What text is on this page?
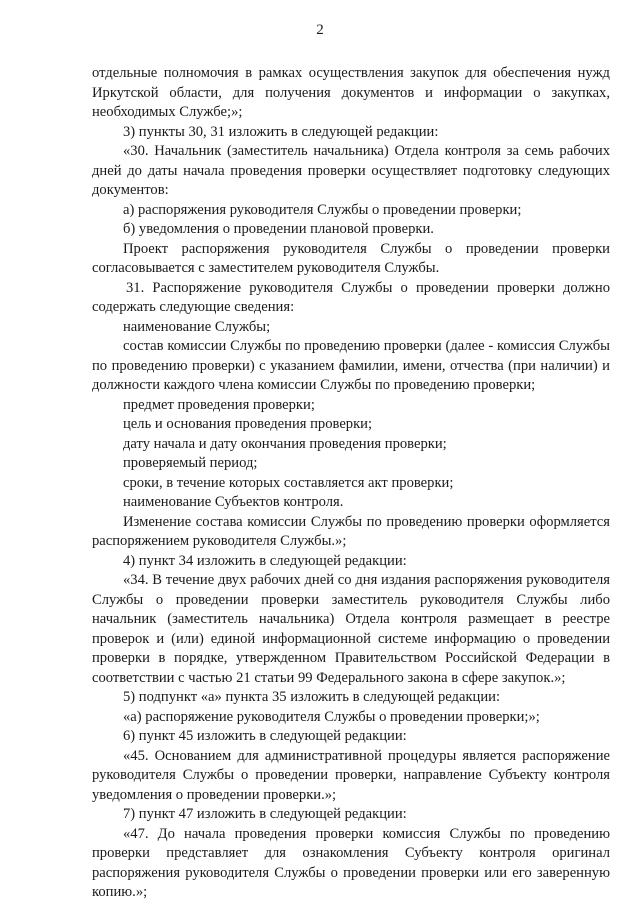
2

отдельные полномочия в рамках осуществления закупок для обеспечения нужд Иркутской области, для получения документов и информации о закупках, необходимых Службе;»;

3) пункты 30, 31 изложить в следующей редакции:

«30. Начальник (заместитель начальника) Отдела контроля за семь рабочих дней до даты начала проведения проверки осуществляет подготовку следующих документов:

а) распоряжения руководителя Службы о проведении проверки;

б) уведомления о проведении плановой проверки.

Проект распоряжения руководителя Службы о проведении проверки согласовывается с заместителем руководителя Службы.

31. Распоряжение руководителя Службы о проведении проверки должно содержать следующие сведения:

наименование Службы;

состав комиссии Службы по проведению проверки (далее - комиссия Службы по проведению проверки) с указанием фамилии, имени, отчества (при наличии) и должности каждого члена комиссии Службы по проведению проверки;

предмет проведения проверки;

цель и основания проведения проверки;

дату начала и дату окончания проведения проверки;

проверяемый период;

сроки, в течение которых составляется акт проверки;

наименование Субъектов контроля.

Изменение состава комиссии Службы по проведению проверки оформляется распоряжением руководителя Службы.»;

4) пункт 34 изложить в следующей редакции:

«34. В течение двух рабочих дней со дня издания распоряжения руководителя Службы о проведении проверки заместитель руководителя Службы либо начальник (заместитель начальника) Отдела контроля размещает в реестре проверок и (или) единой информационной системе информацию о проведении проверки в порядке, утвержденном Правительством Российской Федерации в соответствии с частью 21 статьи 99 Федерального закона в сфере закупок.»;

5) подпункт «а» пункта 35 изложить в следующей редакции:

«а) распоряжение руководителя Службы о проведении проверки;»;

6) пункт 45 изложить в следующей редакции:

«45. Основанием для административной процедуры является распоряжение руководителя Службы о проведении проверки, направление Субъекту контроля уведомления о проведении проверки.»;

7) пункт 47 изложить в следующей редакции:

«47. До начала проведения проверки комиссия Службы по проведению проверки представляет для ознакомления Субъекту контроля оригинал распоряжения руководителя Службы о проведении проверки или его заверенную копию.»;
